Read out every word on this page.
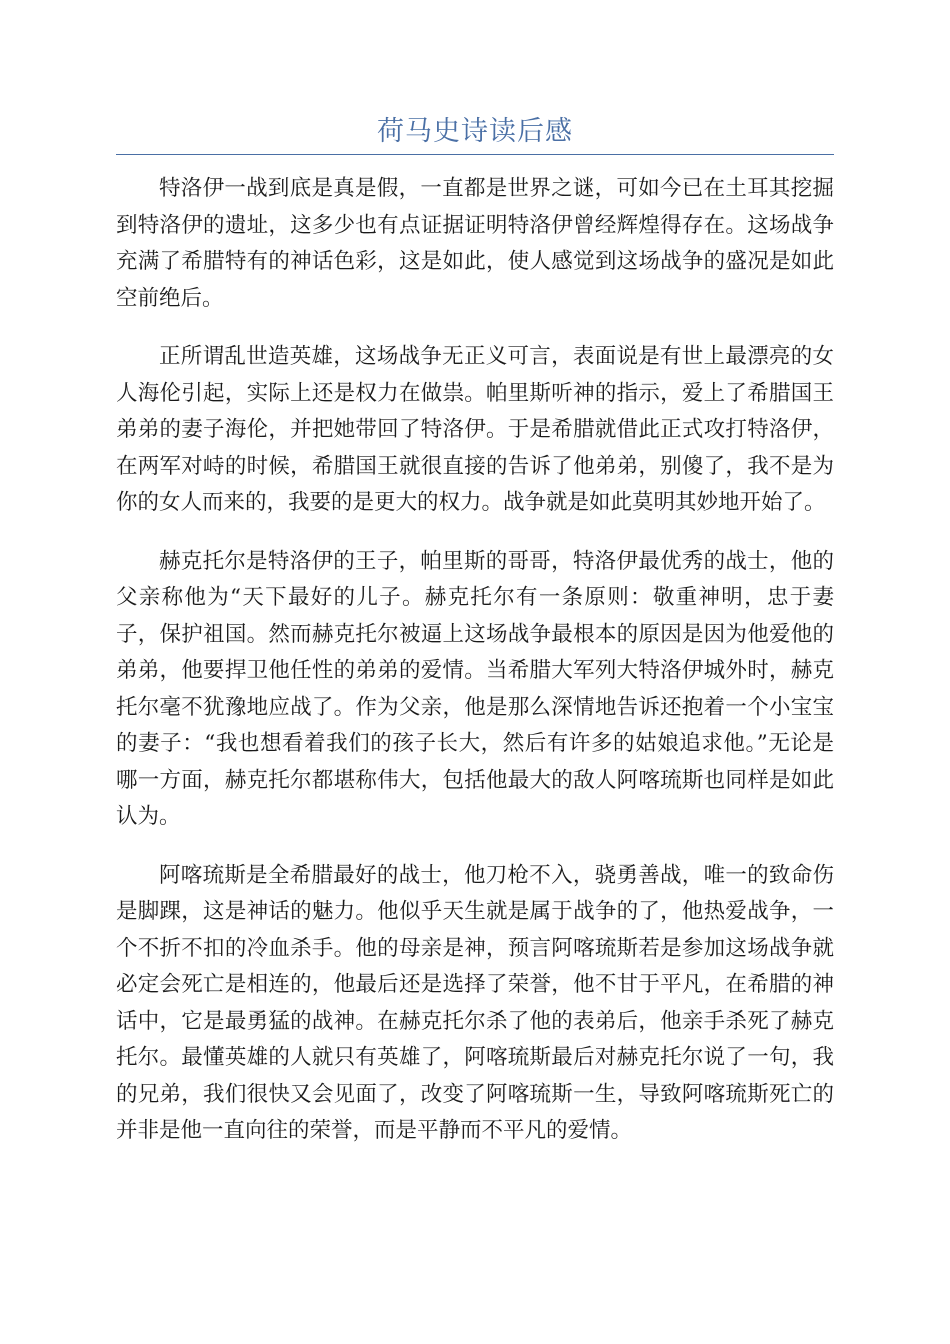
荷马史诗读后感

特洛伊一战到底是真是假，一直都是世界之谜，可如今已在土耳其挖掘到特洛伊的遗址，这多少也有点证据证明特洛伊曾经辉煌得存在。这场战争充满了希腊特有的神话色彩，这是如此，使人感觉到这场战争的盛况是如此空前绝后。

正所谓乱世造英雄，这场战争无正义可言，表面说是有世上最漂亮的女人海伦引起，实际上还是权力在做祟。帕里斯听神的指示，爱上了希腊国王弟弟的妻子海伦，并把她带回了特洛伊。于是希腊就借此正式攻打特洛伊，在两军对峙的时候，希腊国王就很直接的告诉了他弟弟，别傻了，我不是为你的女人而来的，我要的是更大的权力。战争就是如此莫明其妙地开始了。

赫克托尔是特洛伊的王子，帕里斯的哥哥，特洛伊最优秀的战士，他的父亲称他为“天下最好的儿子。赫克托尔有一条原则：敬重神明，忠于妻子，保护祖国。然而赫克托尔被逼上这场战争最根本的原因是因为他爱他的弟弟，他要捍卫他任性的弟弟的爱情。当希腊大军列大特洛伊城外时，赫克托尔毫不犹豫地应战了。作为父亲，他是那么深情地告诉还抱着一个小宝宝的妻子：“我也想看着我们的孩子长大，然后有许多的姑娘追求他。”无论是哪一方面，赫克托尔都堪称伟大，包括他最大的敌人阿喀琉斯也同样是如此认为。

阿喀琉斯是全希腊最好的战士，他刀枪不入，骁勇善战，唯一的致命伤是脚踝，这是神话的魅力。他似乎天生就是属于战争的了，他热爱战争，一个不折不扣的冷血杀手。他的母亲是神，预言阿喀琉斯若是参加这场战争就必定会死亡是相连的，他最后还是选择了荣誉，他不甘于平凡，在希腊的神话中，它是最勇猛的战神。在赫克托尔杀了他的表弟后，他亲手杀死了赫克托尔。最懂英雄的人就只有英雄了，阿喀琉斯最后对赫克托尔说了一句，我的兄弟，我们很快又会见面了，改变了阿喀琉斯一生，导致阿喀琉斯死亡的并非是他一直向往的荣誉，而是平静而不平凡的爱情。
